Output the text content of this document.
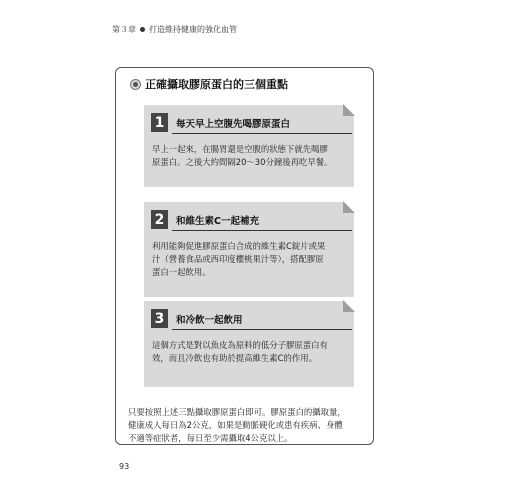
第３章 打造維持健康的強化血管
正確攝取膠原蛋白的三個重點
1	每天早上空腹先喝膠原蛋白
早上一起來，在腸胃還是空腹的狀態下就先喝膠
原蛋白。之後大約間隔20～30分鐘後再吃早餐。
2	和維生素C一起補充
利用能夠促進膠原蛋白合成的維生素C錠片或果
汁（營養食品或西印度櫻桃果汁等），搭配膠原
蛋白一起飲用。
3	和冷飲一起飲用
這個方式是對以魚皮為原料的低分子膠原蛋白有
效，而且冷飲也有助於提高維生素C的作用。
只要按照上述三點攝取膠原蛋白即可。膠原蛋白的攝取量，
健康成人每日為2公克，如果是動脈硬化或患有疾病、身體
不適等症狀者，每日至少需攝取4公克以上。
93
